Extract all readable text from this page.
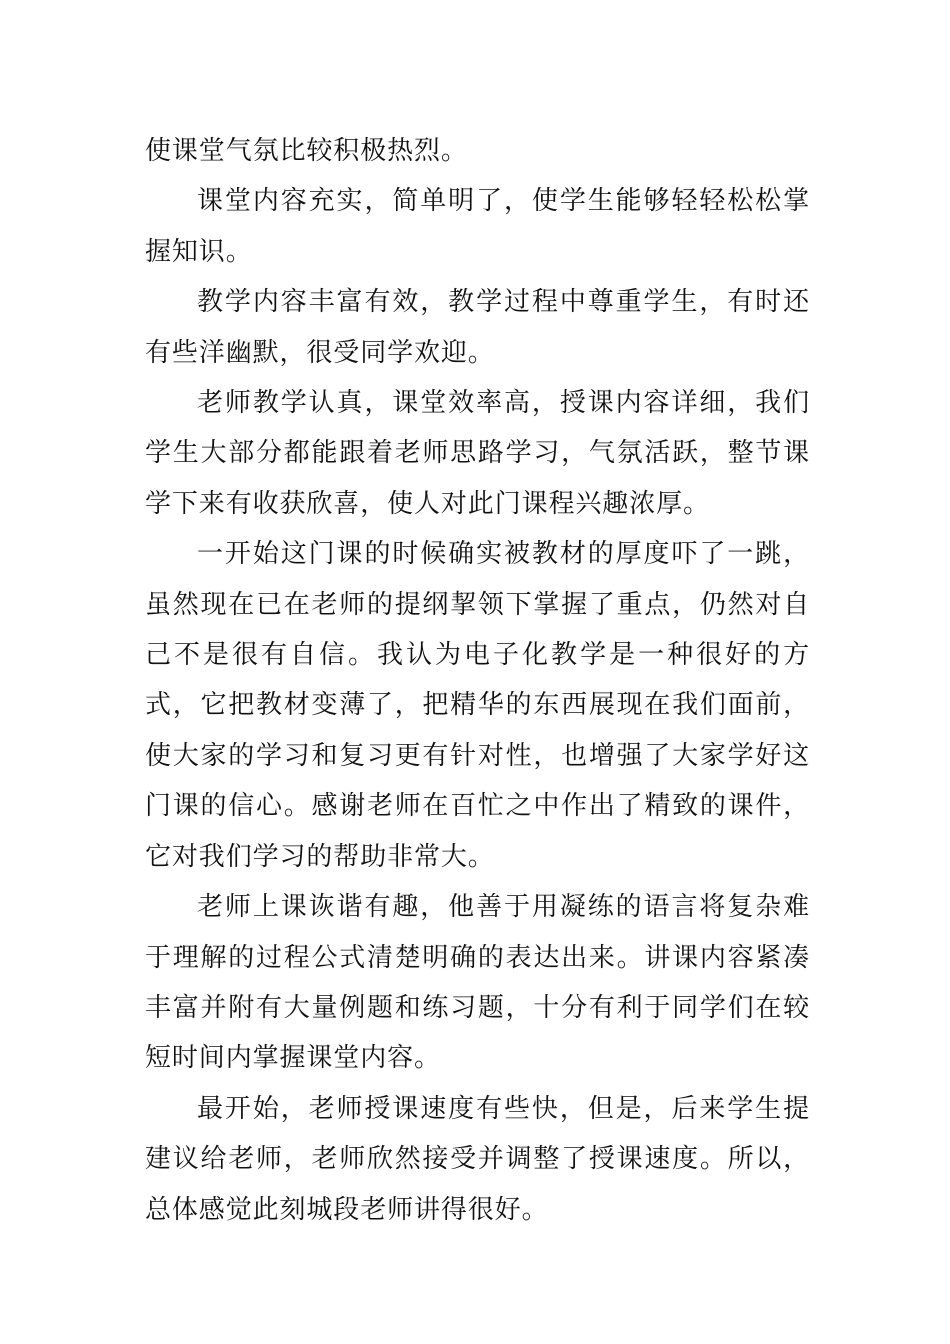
使课堂气氛比较积极热烈。

课堂内容充实，简单明了，使学生能够轻轻松松掌握知识。

教学内容丰富有效，教学过程中尊重学生，有时还有些洋幽默，很受同学欢迎。

老师教学认真，课堂效率高，授课内容详细，我们学生大部分都能跟着老师思路学习，气氛活跃，整节课学下来有收获欣喜，使人对此门课程兴趣浓厚。

一开始这门课的时候确实被教材的厚度吓了一跳，虽然现在已在老师的提纲挈领下掌握了重点，仍然对自己不是很有自信。我认为电子化教学是一种很好的方式，它把教材变薄了，把精华的东西展现在我们面前，使大家的学习和复习更有针对性，也增强了大家学好这门课的信心。感谢老师在百忙之中作出了精致的课件，它对我们学习的帮助非常大。

老师上课诙谐有趣，他善于用凝练的语言将复杂难于理解的过程公式清楚明确的表达出来。讲课内容紧凑丰富并附有大量例题和练习题，十分有利于同学们在较短时间内掌握课堂内容。

最开始，老师授课速度有些快，但是，后来学生提建议给老师，老师欣然接受并调整了授课速度。所以，总体感觉此刻城段老师讲得很好。
